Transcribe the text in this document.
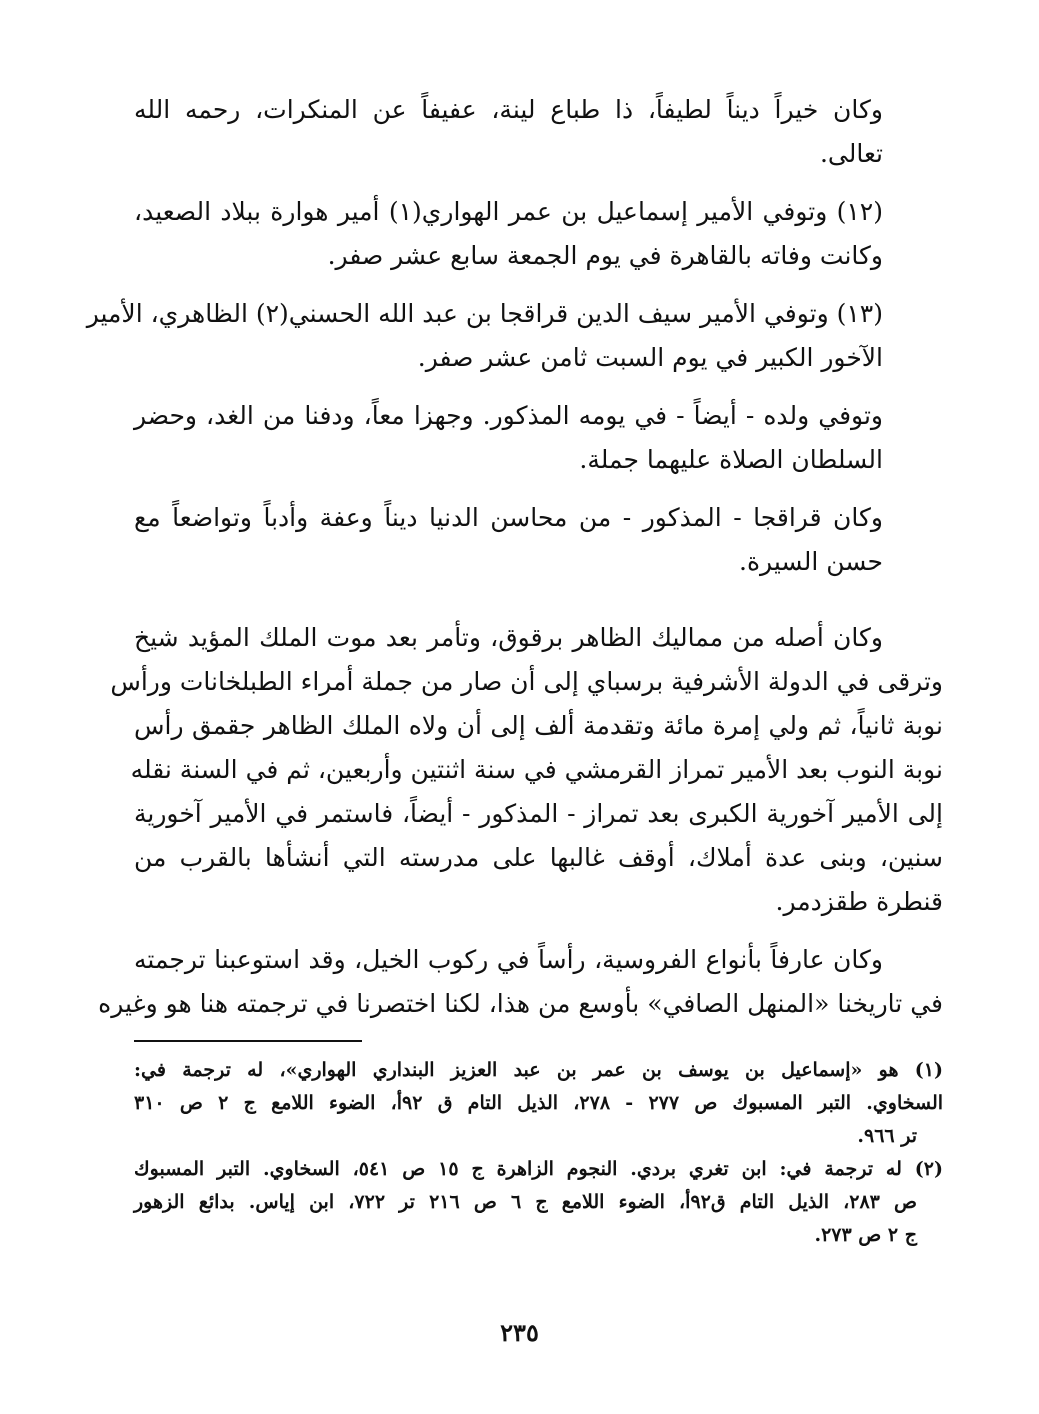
وكان خيراً ديناً لطيفاً، ذا طباع لينة، عفيفاً عن المنكرات، رحمه الله
تعالى.
(١٢) وتوفي الأمير إسماعيل بن عمر الهواري(١) أمير هوارة ببلاد الصعيد،
وكانت وفاته بالقاهرة في يوم الجمعة سابع عشر صفر.
(١٣) وتوفي الأمير سيف الدين قراقجا بن عبد الله الحسني(٢) الظاهري، الأمير
الآخور الكبير في يوم السبت ثامن عشر صفر.
وتوفي ولده - أيضاً - في يومه المذكور. وجهزا معاً، ودفنا من الغد، وحضر
السلطان الصلاة عليهما جملة.
وكان قراقجا - المذكور - من محاسن الدنيا ديناً وعفة وأدباً وتواضعاً مع
حسن السيرة.
وكان أصله من مماليك الظاهر برقوق، وتأمر بعد موت الملك المؤيد شيخ
وترقى في الدولة الأشرفية برسباي إلى أن صار من جملة أمراء الطبلخانات ورأس
نوبة ثانياً، ثم ولي إمرة مائة وتقدمة ألف إلى أن ولاه الملك الظاهر جقمق رأس
نوبة النوب بعد الأمير تمراز القرمشي في سنة اثنتين وأربعين، ثم في السنة نقله
إلى الأمير آخورية الكبرى بعد تمراز - المذكور - أيضاً، فاستمر في الأمير آخورية
سنين، وبنى عدة أملاك، أوقف غالبها على مدرسته التي أنشأها بالقرب من
قنطرة طقزدمر.
وكان عارفاً بأنواع الفروسية، رأساً في ركوب الخيل، وقد استوعبنا ترجمته
في تاريخنا «المنهل الصافي» بأوسع من هذا، لكنا اختصرنا في ترجمته هنا هو وغيره
(١) هو «إسماعيل بن يوسف بن عمر بن عبد العزيز البنداري الهواري»، له ترجمة في:
السخاوي. التبر المسبوك ص ٢٧٧ - ٢٧٨، الذيل التام ق ٩٢أ، الضوء اللامع ج ٢ ص ٣١٠
تر ٩٦٦.
(٢) له ترجمة في: ابن تغري بردي. النجوم الزاهرة ج ١٥ ص ٥٤١، السخاوي. التبر المسبوك
ص ٢٨٣، الذيل التام ق٩٢أ، الضوء اللامع ج ٦ ص ٢١٦ تر ٧٢٢، ابن إياس. بدائع الزهور
ج ٢ ص ٢٧٣.
٢٣٥
